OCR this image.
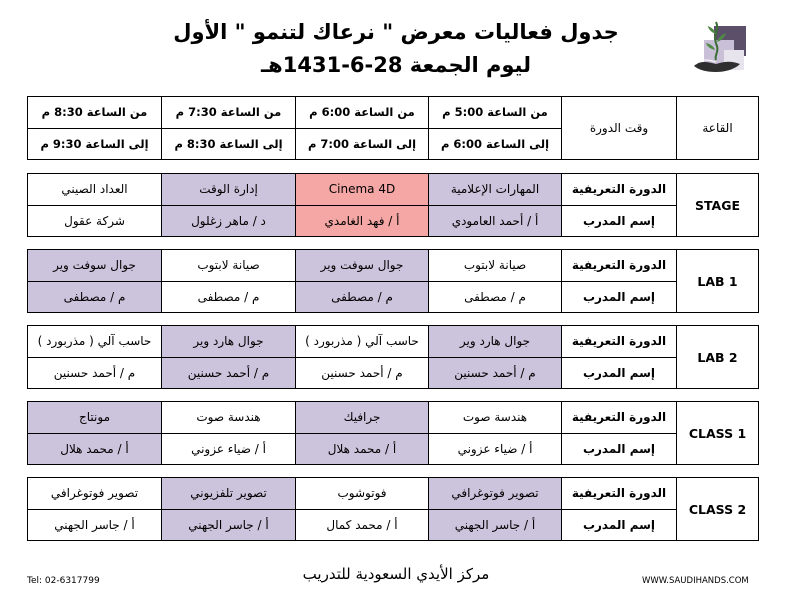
جدول فعاليات معرض " نرعاك لتنمو " الأول
ليوم الجمعة 28-6-1431هـ
القاعة	وقت الدورة	من الساعة 5:00 م	من الساعة 6:00 م	من الساعة 7:30 م	من الساعة 8:30 م
		إلى الساعة 6:00 م	إلى الساعة 7:00 م	إلى الساعة 8:30 م	إلى الساعة 9:30 م
STAGE	الدورة التعريفية	المهارات الإعلامية	Cinema 4D	إدارة الوقت	العداد الصيني
	إسم المدرب	أ / أحمد العامودي	أ / فهد الغامدي	د / ماهر زغلول	شركة عقول
LAB 1	الدورة التعريفية	صيانة لابتوب	جوال سوفت وير	صيانة لابتوب	جوال سوفت وير
	إسم المدرب	م / مصطفى	م / مصطفى	م / مصطفى	م / مصطفى
LAB 2	الدورة التعريفية	جوال هارد وير	حاسب آلي ( مذربورد )	جوال هارد وير	حاسب آلي ( مذربورد )
	إسم المدرب	م / أحمد حسنين	م / أحمد حسنين	م / أحمد حسنين	م / أحمد حسنين
CLASS 1	الدورة التعريفية	هندسة صوت	جرافيك	هندسة صوت	مونتاج
	إسم المدرب	أ / ضياء عزوني	أ / محمد هلال	أ / ضياء عزوني	أ / محمد هلال
CLASS 2	الدورة التعريفية	تصوير فوتوغرافي	فوتوشوب	تصوير تلفزيوني	تصوير فوتوغرافي
	إسم المدرب	أ / جاسر الجهني	أ / محمد كمال	أ / جاسر الجهني	أ / جاسر الجهني
Tel: 02-6317799	مركز الأيدي السعودية للتدريب	WWW.SAUDIHANDS.COM
